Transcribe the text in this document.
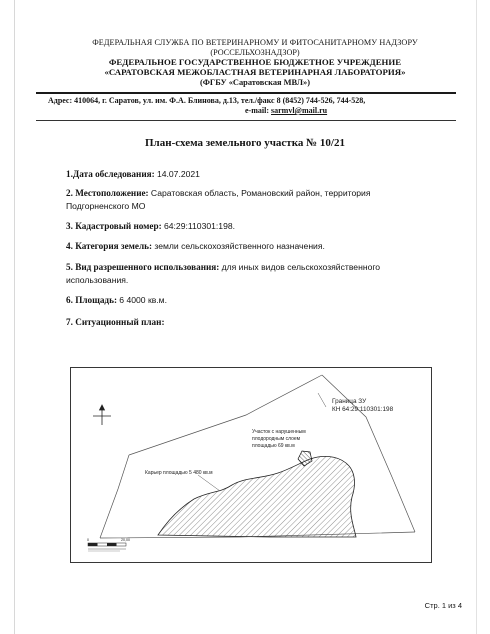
ФЕДЕРАЛЬНАЯ СЛУЖБА ПО ВЕТЕРИНАРНОМУ И ФИТОСАНИТАРНОМУ НАДЗОРУ
(РОССЕЛЬХОЗНАДЗОР)
ФЕДЕРАЛЬНОЕ ГОСУДАРСТВЕННОЕ БЮДЖЕТНОЕ УЧРЕЖДЕНИЕ
«САРАТОВСКАЯ МЕЖОБЛАСТНАЯ ВЕТЕРИНАРНАЯ ЛАБОРАТОРИЯ»
(ФГБУ «Саратовская МВЛ»)
Адрес: 410064, г. Саратов, ул. им. Ф.А. Блинова, д.13, тел./факс 8 (8452) 744-526, 744-528,
e-mail: sarmvl@mail.ru
План-схема земельного участка № 10/21
1.Дата обследования: 14.07.2021
2. Местоположение: Саратовская область, Романовский район, территория Подгорненского МО
3. Кадастровый номер: 64:29:110301:198.
4. Категория земель: земли сельскохозяйственного назначения.
5. Вид разрешенного использования: для иных видов сельскохозяйственного использования.
6. Площадь: 6 4000 кв.м.
7. Ситуационный план:
Граница ЗУ
КН 64:29:110301:198
Участок с нарушенным
плодородным слоем
площадью 69 кв.м
Карьер площадью 5 480 кв.м
0	20,00
Стр. 1 из 4
